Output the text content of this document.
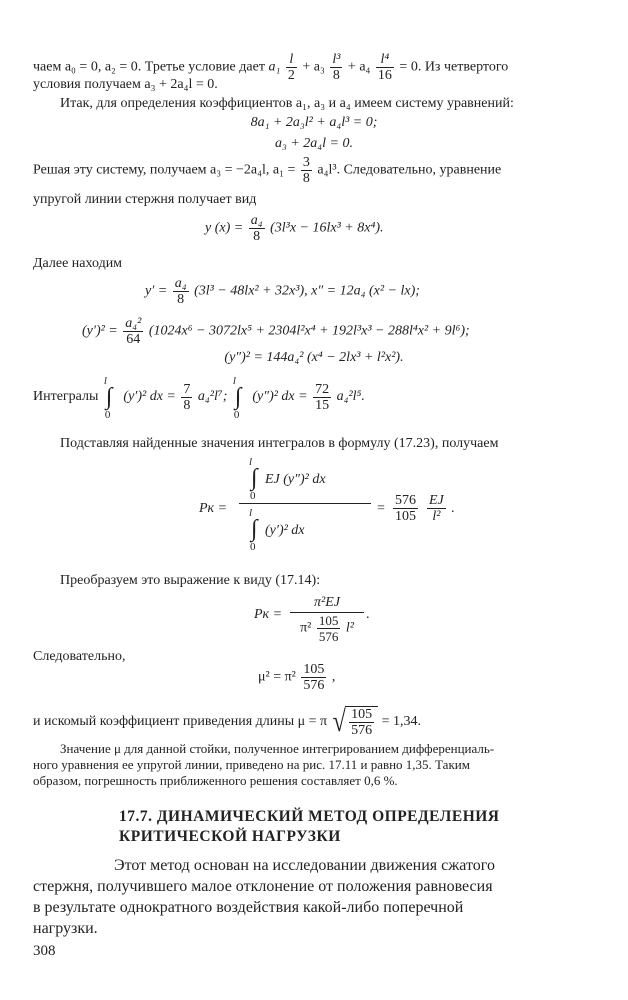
чаем a₀ = 0, a₂ = 0. Третье условие дает $a_1 \frac{l}{2} + a_3 \frac{\text{l³}}{8} + a_4 \frac{\text{l⁴}}{16} = 0$. Из четвертого
условия получаем a₃ + 2a₄l = 0.
Итак, для определения коэффициентов a₁, a₃ и a₄ имеем систему уравнений:
8a₁ + 2a₃l² + a₄l³ = 0;
a₃ + 2a₄l = 0.
Решая эту систему, получаем a₃ = −2a₄l, $a_1 = \frac{3}{8} a_4l^3$. Следовательно, уравнение
упругой линии стержня получает вид
y $(x) = \frac{\text{a₄}}{8} (3l^3x - 16lx^3 + 8x^4)$.
Далее находим
$y' = \frac{\text{a₄}}{8} (3l^3 - 48lx^2 + 32x^3)$, x″ = 12a₄ (x² − lx);
$(y')^2 = \frac{\text{a₄²}}{64} (1024x^6 - 3072lx^5 + 2304l^2x^4 + 192l^3x^3 - 288l^4x^2 + 9l^6)$;
(y″)² = 144a₄² (x⁴ − 2lx³ + l²x²).
Интегралы
l
∫
0
(y′)² dx = $\frac{7}{8} a_4^2l^7$;
l
∫
0
(y″)² dx = $\frac{72}{15} a_4^2l^5$.
Подставляя найденные значения интегралов в формулу (17.23), получаем
Pк =
l
∫
0
EJ (y″)² dx
l
∫
0
(y′)² dx
= $\frac{576}{105} \frac{EJ}{\text{l²}}$ .
Преобразуем это выражение к виду (17.14):
Pк =
π²EJ
$\pi^2 \frac{105}{576} l^2$
.
Следовательно,
$\mu^2 = \pi^2 \frac{105}{576}$ ,
и искомый коэффициент приведения длины μ = π √ $\frac{105}{576} = 1,34$.
Значение μ для данной стойки, полученное интегрированием дифференциаль-
ного уравнения ее упругой линии, приведено на рис. 17.11 и равно 1,35. Таким
образом, погрешность приближенного решения составляет 0,6 %.
17.7. ДИНАМИЧЕСКИЙ МЕТОД ОПРЕДЕЛЕНИЯ
КРИТИЧЕСКОЙ НАГРУЗКИ
Этот метод основан на исследовании движения сжатого
стержня, получившего малое отклонение от положения равновесия
в результате однократного воздействия какой-либо поперечной
нагрузки.
308
